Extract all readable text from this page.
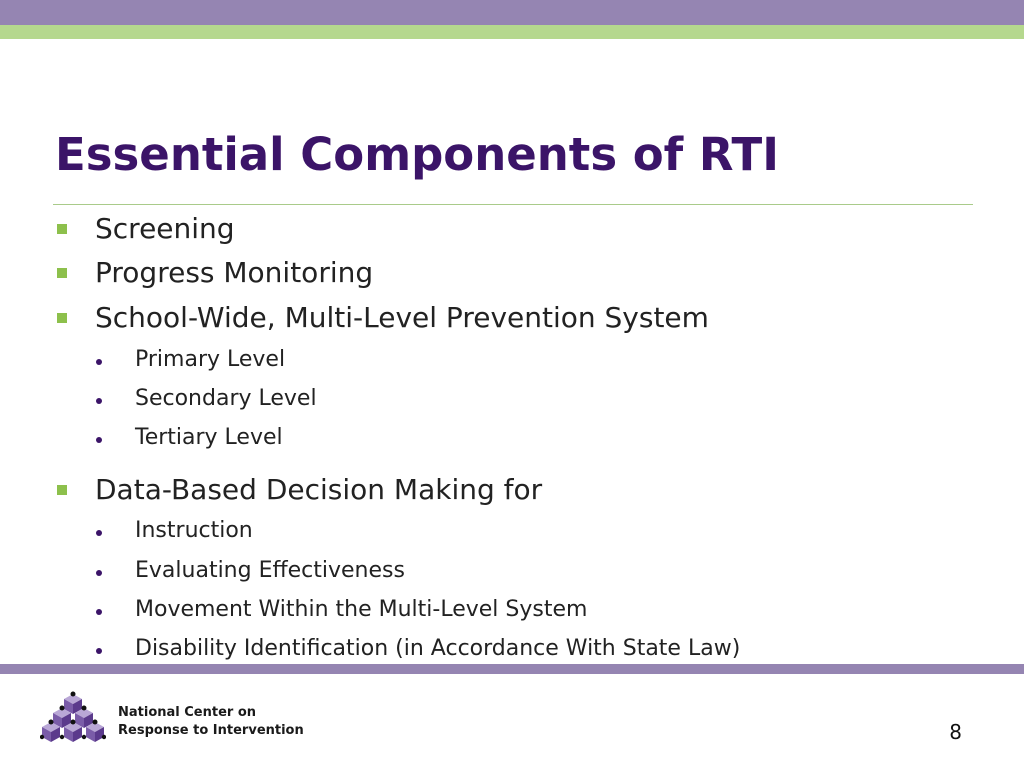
Essential Components of RTI
Screening
Progress Monitoring
School-Wide, Multi-Level Prevention System
Primary Level
Secondary Level
Tertiary Level
Data-Based Decision Making for
Instruction
Evaluating Effectiveness
Movement Within the Multi-Level System
Disability Identification (in Accordance With State Law)
National Center on
Response to Intervention	8
